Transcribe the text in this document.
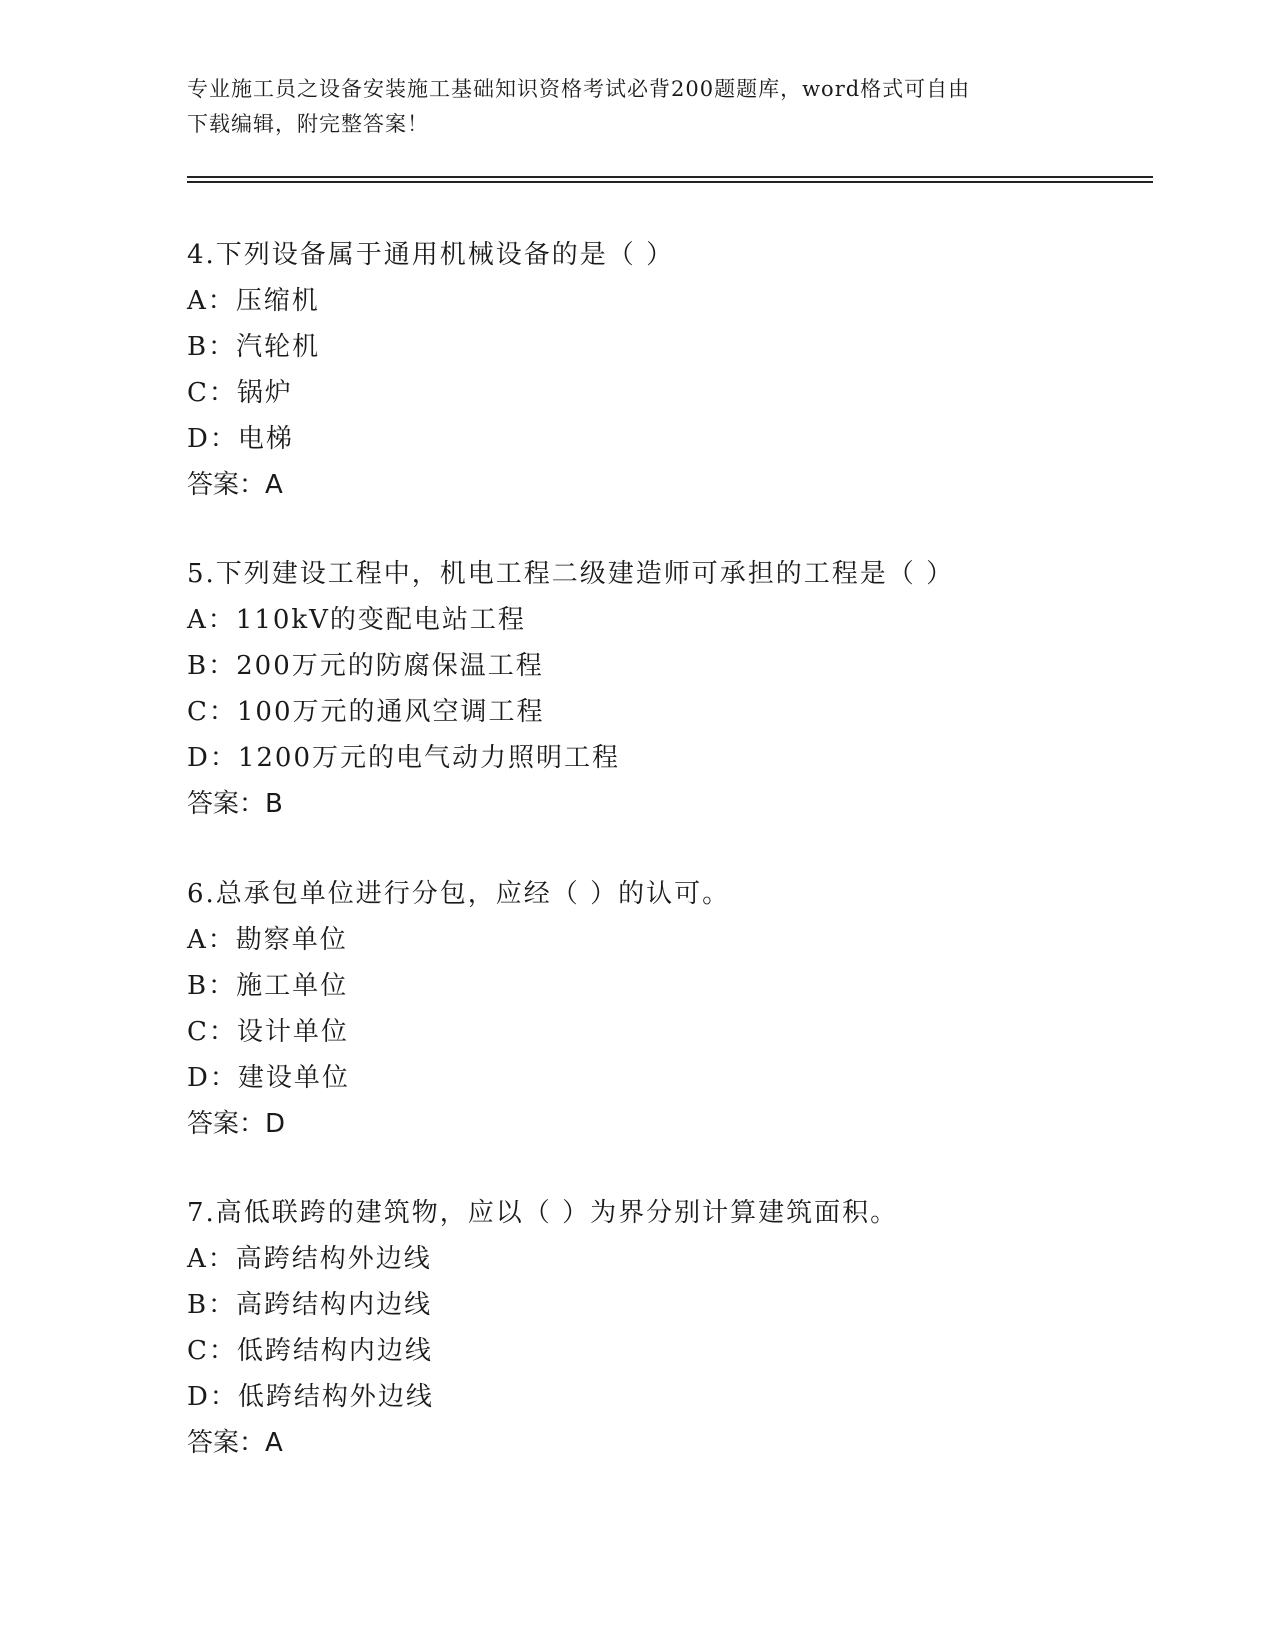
专业施工员之设备安装施工基础知识资格考试必背200题题库，word格式可自由
下载编辑，附完整答案！
4.下列设备属于通用机械设备的是（ ）
A：压缩机
B：汽轮机
C：锅炉
D：电梯
答案：A
5.下列建设工程中，机电工程二级建造师可承担的工程是（ ）
A：110kV的变配电站工程
B：200万元的防腐保温工程
C：100万元的通风空调工程
D：1200万元的电气动力照明工程
答案：B
6.总承包单位进行分包，应经（ ）的认可。
A：勘察单位
B：施工单位
C：设计单位
D：建设单位
答案：D
7.高低联跨的建筑物，应以（ ）为界分别计算建筑面积。
A：高跨结构外边线
B：高跨结构内边线
C：低跨结构内边线
D：低跨结构外边线
答案：A
